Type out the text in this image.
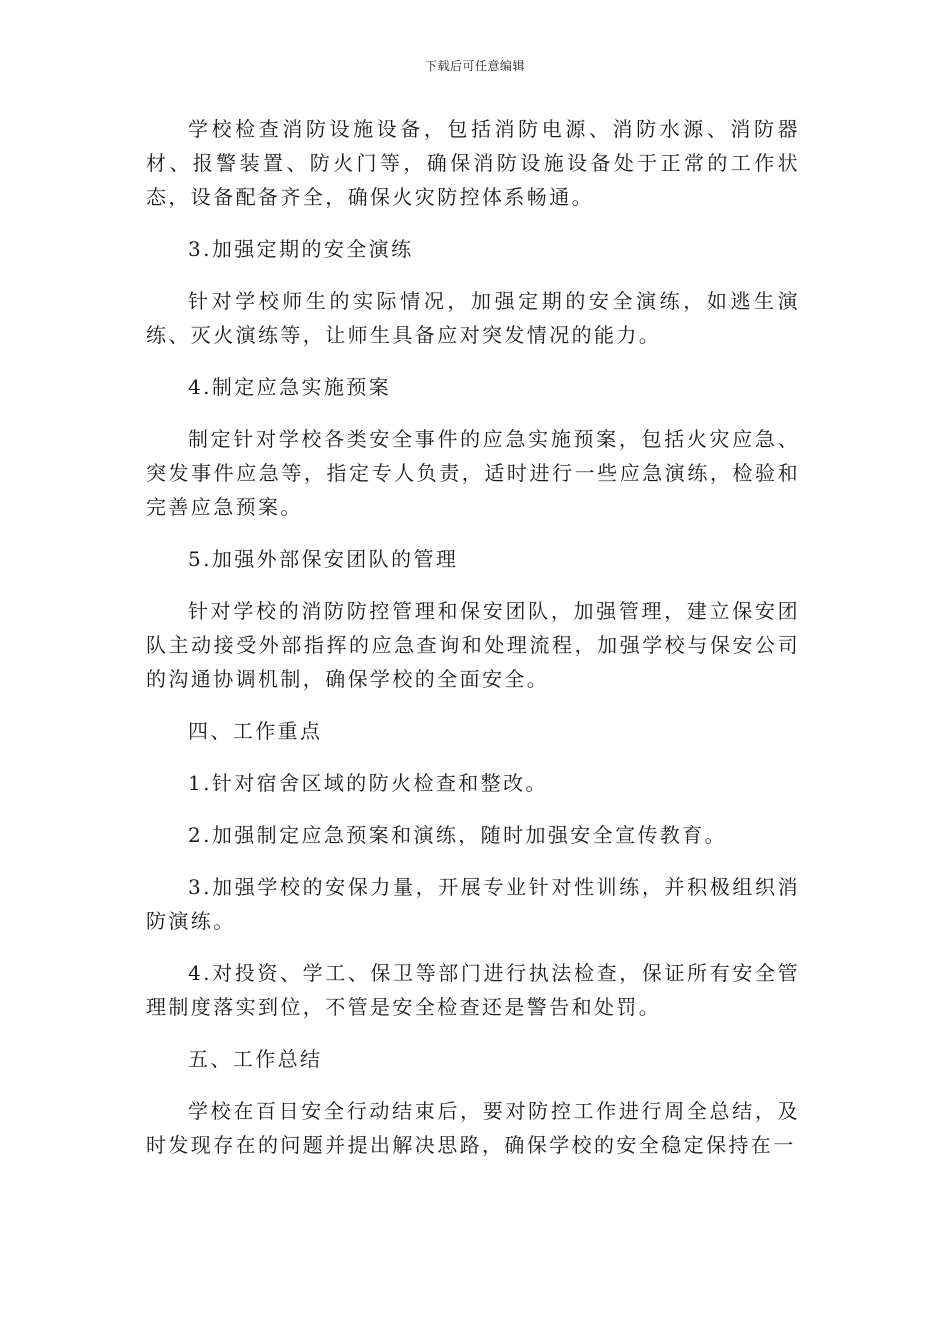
下载后可任意编辑

学校检查消防设施设备，包括消防电源、消防水源、消防器材、报警装置、防火门等，确保消防设施设备处于正常的工作状态，设备配备齐全，确保火灾防控体系畅通。

3.加强定期的安全演练

针对学校师生的实际情况，加强定期的安全演练，如逃生演练、灭火演练等，让师生具备应对突发情况的能力。

4.制定应急实施预案

制定针对学校各类安全事件的应急实施预案，包括火灾应急、突发事件应急等，指定专人负责，适时进行一些应急演练，检验和完善应急预案。

5.加强外部保安团队的管理

针对学校的消防防控管理和保安团队，加强管理，建立保安团队主动接受外部指挥的应急查询和处理流程，加强学校与保安公司的沟通协调机制，确保学校的全面安全。

四、工作重点

1.针对宿舍区域的防火检查和整改。

2.加强制定应急预案和演练，随时加强安全宣传教育。

3.加强学校的安保力量，开展专业针对性训练，并积极组织消防演练。

4.对投资、学工、保卫等部门进行执法检查，保证所有安全管理制度落实到位，不管是安全检查还是警告和处罚。

五、工作总结

学校在百日安全行动结束后，要对防控工作进行周全总结，及时发现存在的问题并提出解决思路，确保学校的安全稳定保持在一
